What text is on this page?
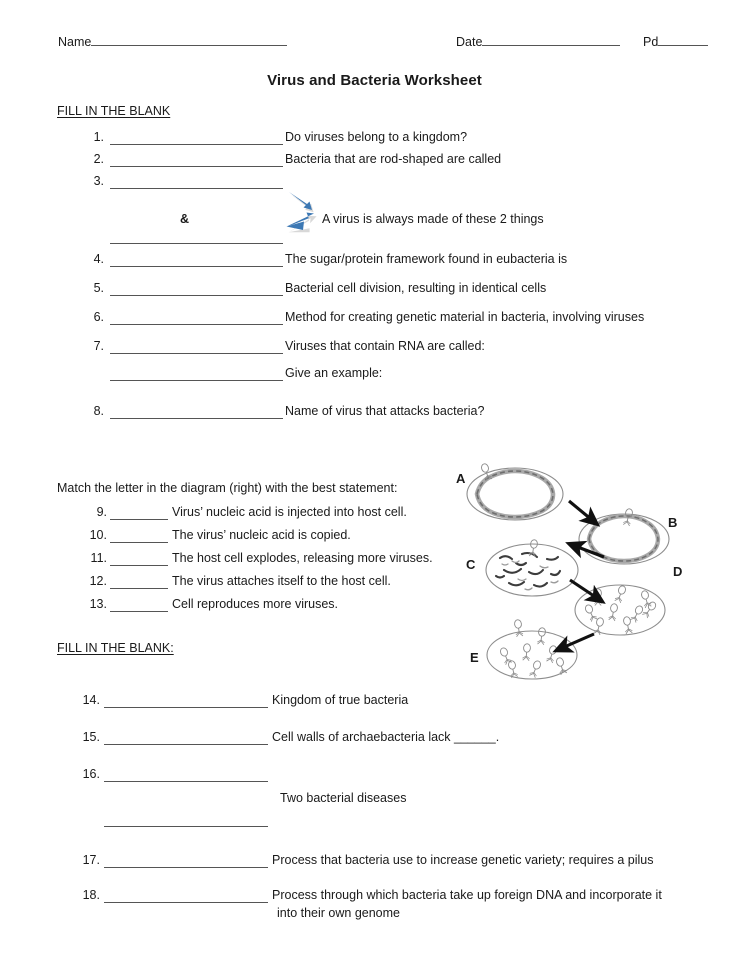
Name	Date	Pd
Virus and Bacteria Worksheet
FILL IN THE BLANK
1.	Do viruses belong to a kingdom?
2.	Bacteria that are rod-shaped are called
3.
&	A virus is always made of these 2 things
4.	The sugar/protein framework found in eubacteria is
5.	Bacterial cell division, resulting in identical cells
6.	Method for creating genetic material in bacteria, involving viruses
7.	Viruses that contain RNA are called:
Give an example:
8.	Name of virus that attacks bacteria?
Match the letter in the diagram (right) with the best statement:
9.	Virus’ nucleic acid is injected into host cell.
10.	The virus’ nucleic acid is copied.
11.	The host cell explodes, releasing more viruses.
12.	The virus attaches itself to the host cell.
13.	Cell reproduces more viruses.
FILL IN THE BLANK:
14.	Kingdom of true bacteria
15.	Cell walls of archaebacteria lack ______.
16.
Two bacterial diseases
17.	Process that bacteria use to increase genetic variety; requires a pilus
18.	Process through which bacteria take up foreign DNA and incorporate it
into their own genome
A
B
C	D
E
